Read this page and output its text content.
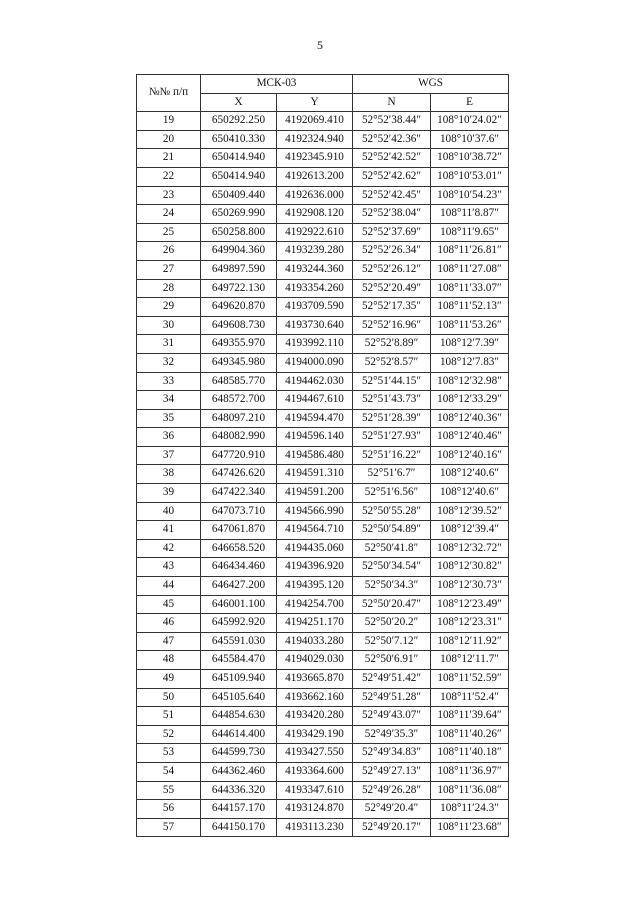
5
№№ п/п	МСК-03		WGS	
	X	Y	N	E
19	650292.250	4192069.410	52°52′38.44″	108°10′24.02″
20	650410.330	4192324.940	52°52′42.36″	108°10′37.6″
21	650414.940	4192345.910	52°52′42.52″	108°10′38.72″
22	650414.940	4192613.200	52°52′42.62″	108°10′53.01″
23	650409.440	4192636.000	52°52′42.45″	108°10′54.23″
24	650269.990	4192908.120	52°52′38.04″	108°11′8.87″
25	650258.800	4192922.610	52°52′37.69″	108°11′9.65″
26	649904.360	4193239.280	52°52′26.34″	108°11′26.81″
27	649897.590	4193244.360	52°52′26.12″	108°11′27.08″
28	649722.130	4193354.260	52°52′20.49″	108°11′33.07″
29	649620.870	4193709.590	52°52′17.35″	108°11′52.13″
30	649608.730	4193730.640	52°52′16.96″	108°11′53.26″
31	649355.970	4193992.110	52°52′8.89″	108°12′7.39″
32	649345.980	4194000.090	52°52′8.57″	108°12′7.83″
33	648585.770	4194462.030	52°51′44.15″	108°12′32.98″
34	648572.700	4194467.610	52°51′43.73″	108°12′33.29″
35	648097.210	4194594.470	52°51′28.39″	108°12′40.36″
36	648082.990	4194596.140	52°51′27.93″	108°12′40.46″
37	647720.910	4194586.480	52°51′16.22″	108°12′40.16″
38	647426.620	4194591.310	52°51′6.7″	108°12′40.6″
39	647422.340	4194591.200	52°51′6.56″	108°12′40.6″
40	647073.710	4194566.990	52°50′55.28″	108°12′39.52″
41	647061.870	4194564.710	52°50′54.89″	108°12′39.4″
42	646658.520	4194435.060	52°50′41.8″	108°12′32.72″
43	646434.460	4194396.920	52°50′34.54″	108°12′30.82″
44	646427.200	4194395.120	52°50′34.3″	108°12′30.73″
45	646001.100	4194254.700	52°50′20.47″	108°12′23.49″
46	645992.920	4194251.170	52°50′20.2″	108°12′23.31″
47	645591.030	4194033.280	52°50′7.12″	108°12′11.92″
48	645584.470	4194029.030	52°50′6.91″	108°12′11.7″
49	645109.940	4193665.870	52°49′51.42″	108°11′52.59″
50	645105.640	4193662.160	52°49′51.28″	108°11′52.4″
51	644854.630	4193420.280	52°49′43.07″	108°11′39.64″
52	644614.400	4193429.190	52°49′35.3″	108°11′40.26″
53	644599.730	4193427.550	52°49′34.83″	108°11′40.18″
54	644362.460	4193364.600	52°49′27.13″	108°11′36.97″
55	644336.320	4193347.610	52°49′26.28″	108°11′36.08″
56	644157.170	4193124.870	52°49′20.4″	108°11′24.3″
57	644150.170	4193113.230	52°49′20.17″	108°11′23.68″
